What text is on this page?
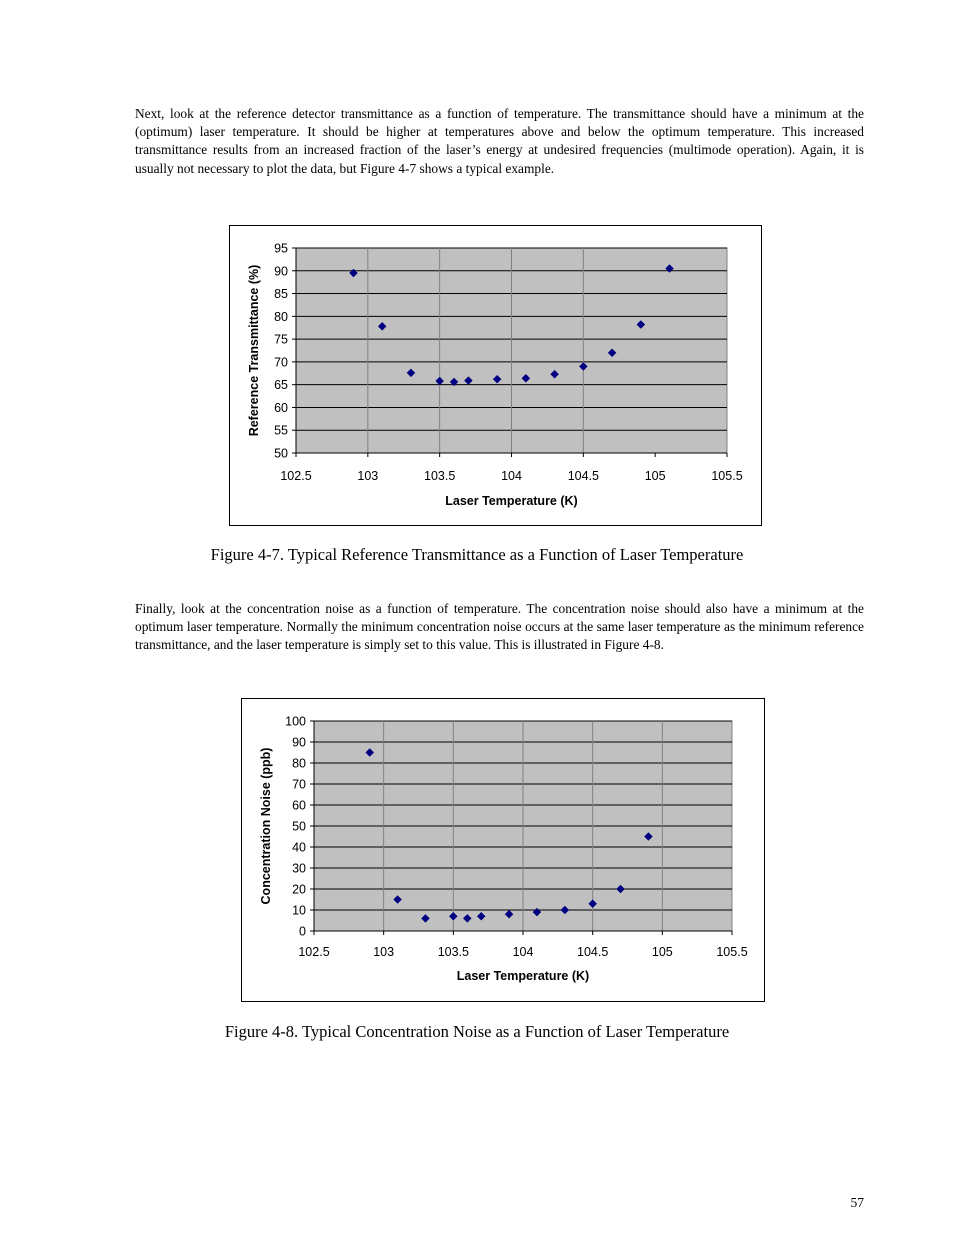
Next, look at the reference detector transmittance as a function of temperature. The transmittance should have a minimum at the (optimum) laser temperature. It should be higher at temperatures above and below the optimum temperature. This increased transmittance results from an increased fraction of the laser’s energy at undesired frequencies (multimode operation). Again, it is usually not necessary to plot the data, but Figure 4-7 shows a typical example.

50
55
60
65
70
75
80
85
90
95
102.5	103	103.5	104	104.5	105	105.5
Laser Temperature (K)
Reference Transmittance (%)

Figure 4-7. Typical Reference Transmittance as a Function of Laser Temperature

Finally, look at the concentration noise as a function of temperature. The concentration noise should also have a minimum at the optimum laser temperature. Normally the minimum concentration noise occurs at the same laser temperature as the minimum reference transmittance, and the laser temperature is simply set to this value. This is illustrated in Figure 4-8.

0
10
20
30
40
50
60
70
80
90
100
102.5	103	103.5	104	104.5	105	105.5
Laser Temperature (K)
Concentration Noise (ppb)

Figure 4-8. Typical Concentration Noise as a Function of Laser Temperature

57
